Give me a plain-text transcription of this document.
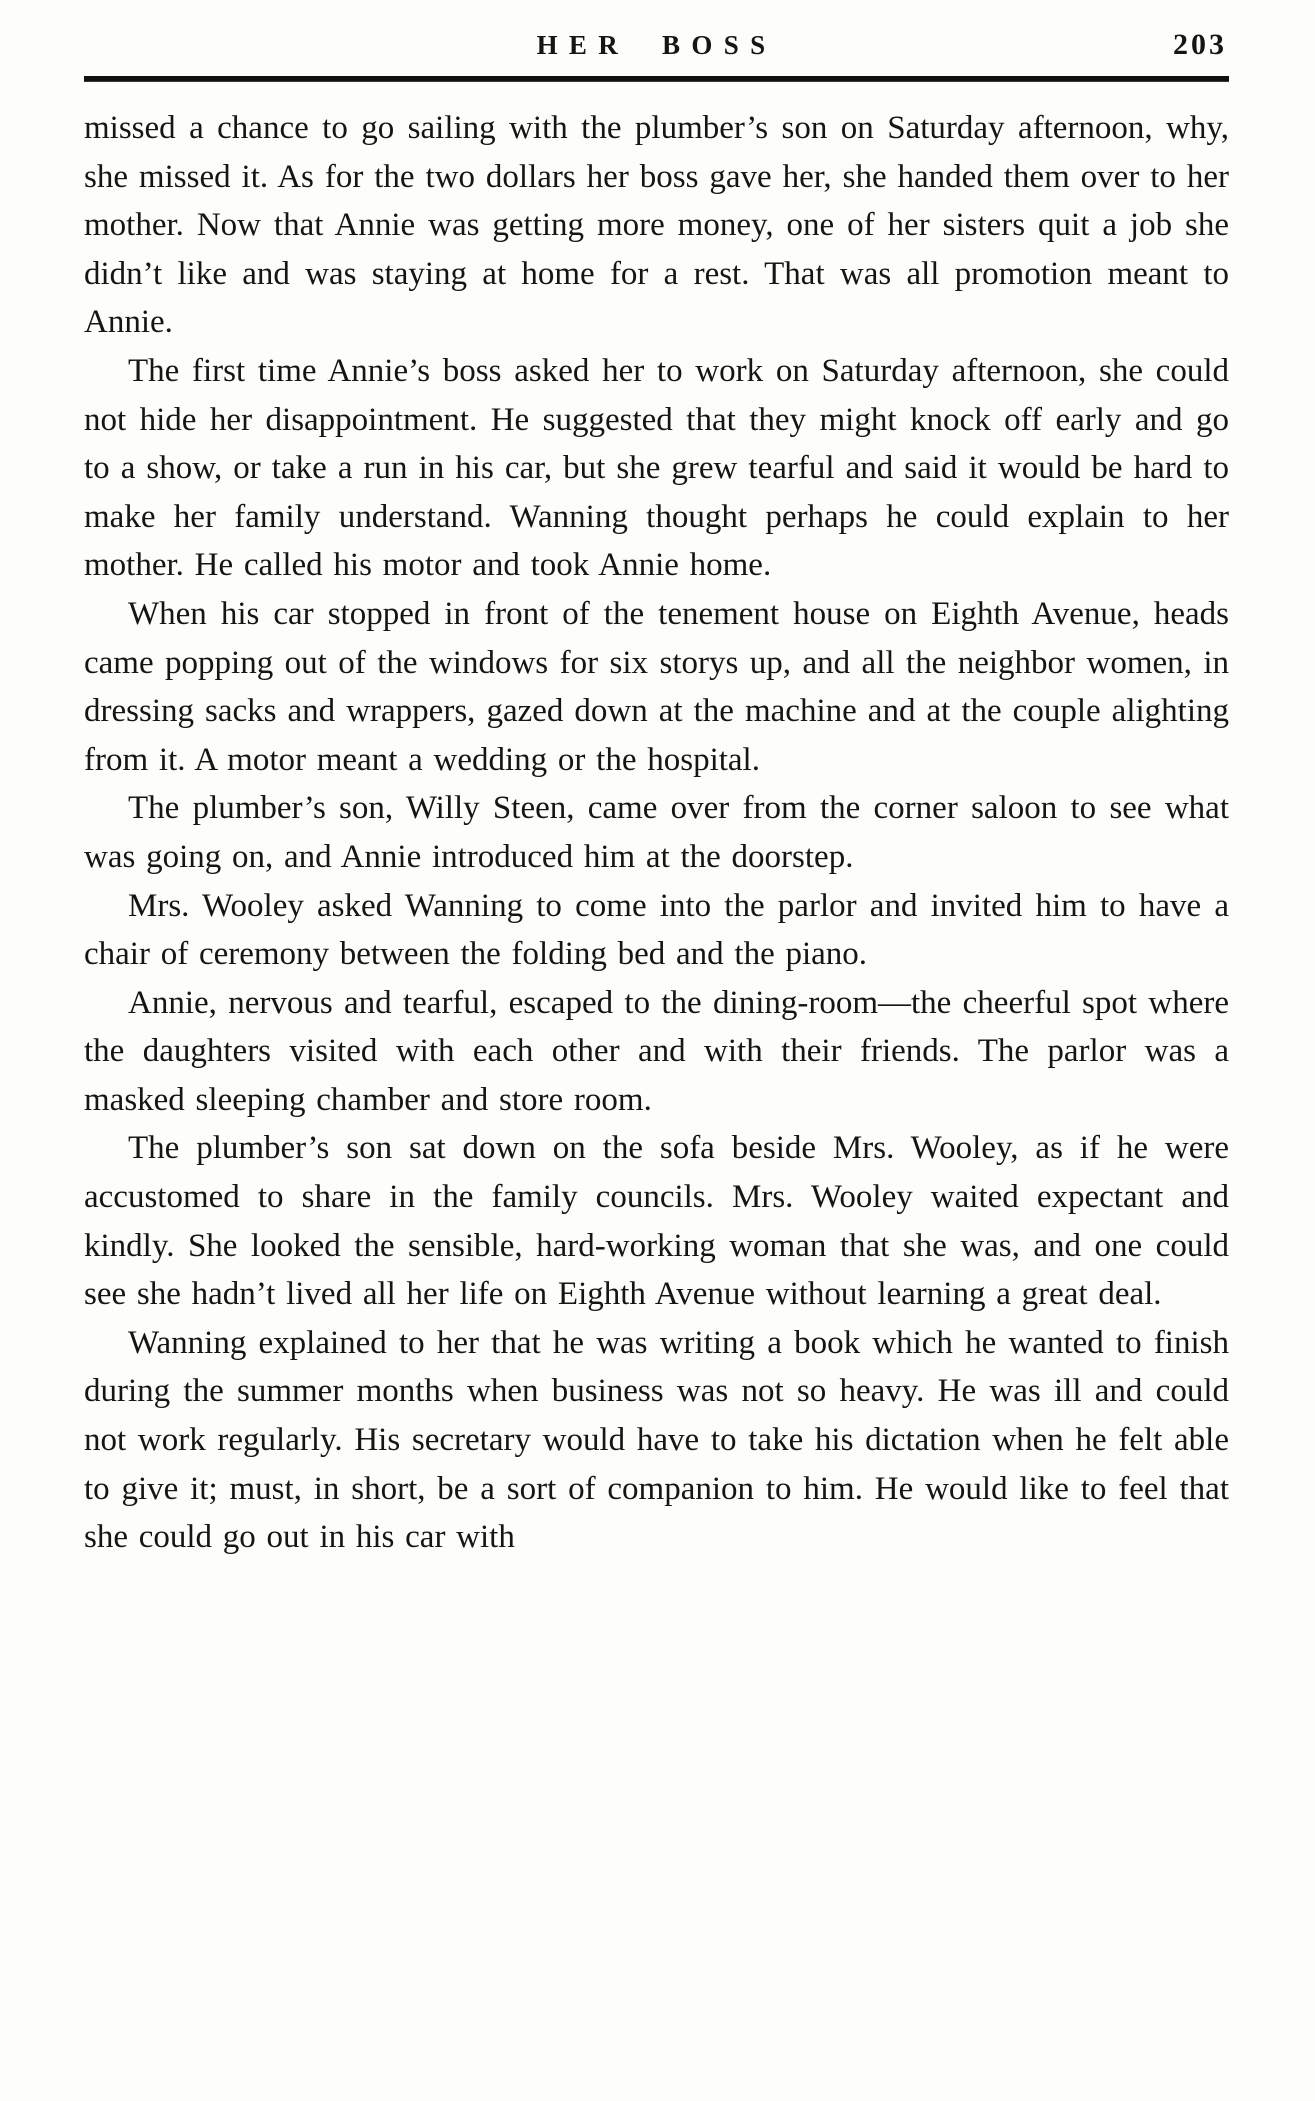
HER BOSS	203

missed a chance to go sailing with the plumber’s son on Saturday afternoon, why, she missed it. As for the two dollars her boss gave her, she handed them over to her mother. Now that Annie was getting more money, one of her sisters quit a job she didn’t like and was staying at home for a rest. That was all promotion meant to Annie.

The first time Annie’s boss asked her to work on Saturday afternoon, she could not hide her disappointment. He suggested that they might knock off early and go to a show, or take a run in his car, but she grew tearful and said it would be hard to make her family understand. Wanning thought perhaps he could explain to her mother. He called his motor and took Annie home.

When his car stopped in front of the tenement house on Eighth Avenue, heads came popping out of the windows for six storys up, and all the neighbor women, in dressing sacks and wrappers, gazed down at the machine and at the couple alighting from it. A motor meant a wedding or the hospital.

The plumber’s son, Willy Steen, came over from the corner saloon to see what was going on, and Annie introduced him at the doorstep.

Mrs. Wooley asked Wanning to come into the parlor and invited him to have a chair of ceremony between the folding bed and the piano.

Annie, nervous and tearful, escaped to the dining-room—the cheerful spot where the daughters visited with each other and with their friends. The parlor was a masked sleeping chamber and store room.

The plumber’s son sat down on the sofa beside Mrs. Wooley, as if he were accustomed to share in the family councils. Mrs. Wooley waited expectant and kindly. She looked the sensible, hard-working woman that she was, and one could see she hadn’t lived all her life on Eighth Avenue without learning a great deal.

Wanning explained to her that he was writing a book which he wanted to finish during the summer months when business was not so heavy. He was ill and could not work regularly. His secretary would have to take his dictation when he felt able to give it; must, in short, be a sort of companion to him. He would like to feel that she could go out in his car with
